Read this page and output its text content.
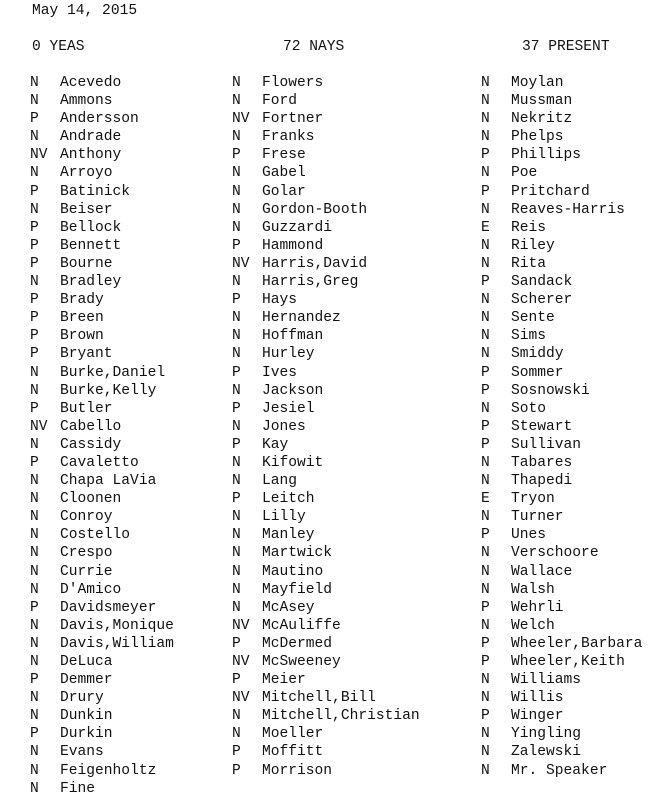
May 14, 2015
0 YEAS	72 NAYS	37 PRESENT
N Acevedo
N Ammons
P Andersson
N Andrade
NV Anthony
N Arroyo
P Batinick
N Beiser
P Bellock
P Bennett
P Bourne
N Bradley
P Brady
P Breen
P Brown
P Bryant
N Burke,Daniel
N Burke,Kelly
P Butler
NV Cabello
N Cassidy
P Cavaletto
N Chapa LaVia
N Cloonen
N Conroy
N Costello
N Crespo
N Currie
N D'Amico
P Davidsmeyer
N Davis,Monique
N Davis,William
N DeLuca
P Demmer
N Drury
N Dunkin
P Durkin
N Evans
N Feigenholtz
N Fine
N Flowers
N Ford
NV Fortner
N Franks
P Frese
N Gabel
N Golar
N Gordon-Booth
N Guzzardi
P Hammond
NV Harris,David
N Harris,Greg
P Hays
N Hernandez
N Hoffman
N Hurley
P Ives
N Jackson
P Jesiel
N Jones
P Kay
N Kifowit
N Lang
P Leitch
N Lilly
N Manley
N Martwick
N Mautino
N Mayfield
N McAsey
NV McAuliffe
P McDermed
NV McSweeney
P Meier
NV Mitchell,Bill
N Mitchell,Christian
N Moeller
P Moffitt
P Morrison
N Moylan
N Mussman
N Nekritz
N Phelps
P Phillips
N Poe
P Pritchard
N Reaves-Harris
E Reis
N Riley
N Rita
P Sandack
N Scherer
N Sente
N Sims
N Smiddy
P Sommer
P Sosnowski
N Soto
P Stewart
P Sullivan
N Tabares
N Thapedi
E Tryon
N Turner
P Unes
N Verschoore
N Wallace
N Walsh
P Wehrli
N Welch
P Wheeler,Barbara
P Wheeler,Keith
N Williams
N Willis
P Winger
N Yingling
N Zalewski
N Mr. Speaker
